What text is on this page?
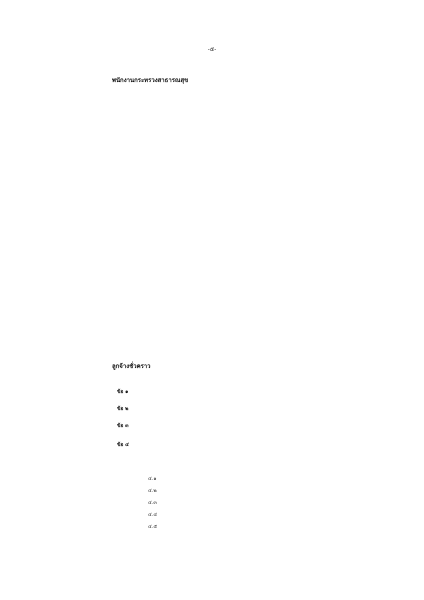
-๕-
พนักงานกระทรวงสาธารณสุข

ลูกจ้างชั่วคราว

ข้อ ๑
ข้อ ๒
ข้อ ๓
ข้อ ๔
๔.๑
๔.๒
๔.๓
๔.๔
๔.๕
